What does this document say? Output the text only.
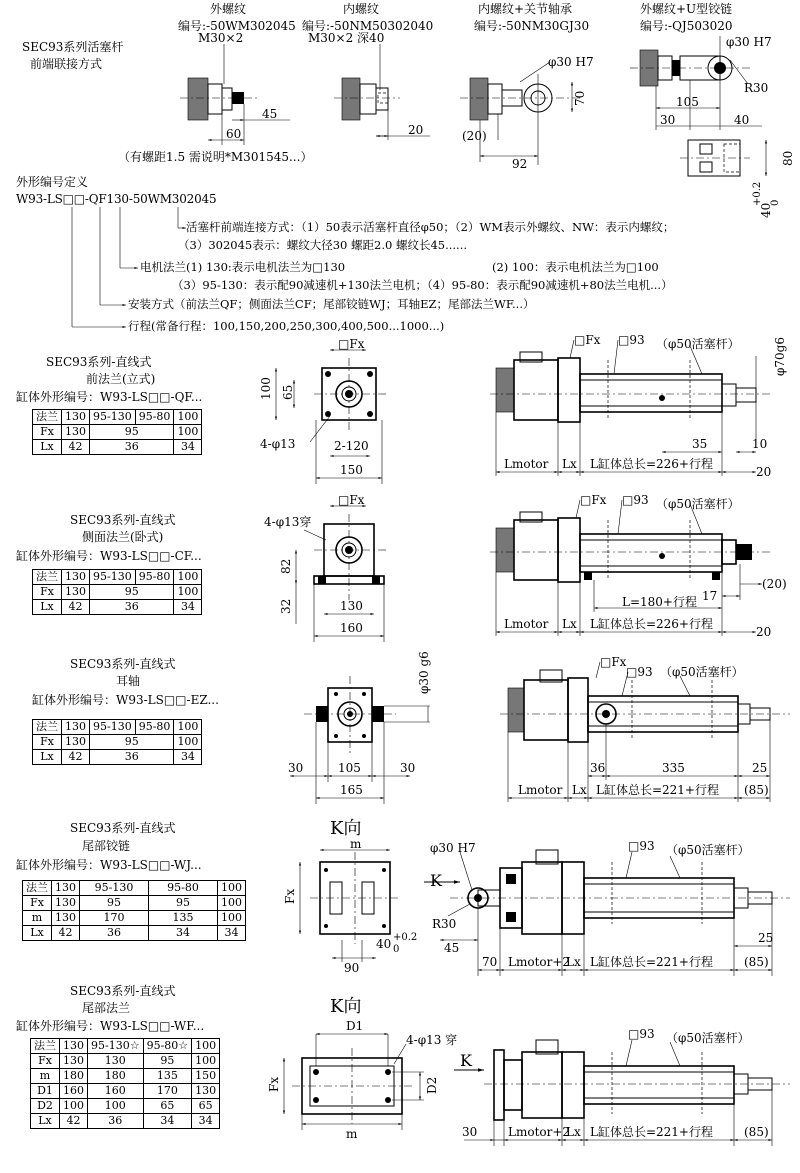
SEC93系列活塞杆
前端联接方式
外螺纹
编号:-50WM302045
内螺纹
编号:-50NM50302040
内螺纹+关节轴承
编号:-50NM30GJ30
外螺纹+U型铰链
编号:-QJ503020
（有螺距1.5 需说明*M301545...）
外形编号定义
W93-LS□□-QF130-50WM302045
活塞杆前端连接方式：（1）50表示活塞杆直径φ50；（2）WM表示外螺纹、NW：表示内螺纹；
（3）302045表示：螺纹大径30 螺距2.0 螺纹长45......
电机法兰(1) 130:表示电机法兰为□130	(2) 100：表示电机法兰为□100
（3）95-130：表示配90减速机+130法兰电机；（4）95-80：表示配90减速机+80法兰电机...）
安装方式（前法兰QF；侧面法兰CF；尾部铰链WJ；耳轴EZ；尾部法兰WF...）
行程(常备行程：100,150,200,250,300,400,500...1000...)
SEC93系列-直线式
前法兰(立式)
缸体外形编号：W93-LS□□-QF...
法兰	130	95-130	95-80	100
Fx	130	95		100
Lx	42	36		34
SEC93系列-直线式
侧面法兰(卧式)
缸体外形编号：W93-LS□□-CF...
法兰	130	95-130	95-80	100
Fx	130	95		100
Lx	42	36		34
SEC93系列-直线式
耳轴
缸体外形编号：W93-LS□□-EZ...
法兰	130	95-130	95-80	100
Fx	130	95		100
Lx	42	36		34
SEC93系列-直线式
尾部铰链
缸体外形编号：W93-LS□□-WJ...
法兰	130	95-130	95-80	100
Fx	130	95	95	100
m	130	170	135	100
Lx	42	36	34	34
SEC93系列-直线式
尾部法兰
缸体外形编号：W93-LS□□-WF...
法兰	130	95-130☆	95-80☆	100
Fx	130	130	95	100
m	180	180	135	150
D1	160	160	170	130
D2	100	100	65	65
Lx	42	36	34	34
M30×2
45
60
M30×2 深40
20
φ30 H7
70
(20)
92
φ30 H7
R30
105
30	40
80
40
+0.2 0
□Fx
100 65
4-φ13	2-120
150
□Fx □93 （φ50活塞杆）	φ70g6
35	10
Lmotor Lx L缸体总长=226+行程
20
□Fx
4-φ13穿
82
32	130
160
□Fx □93 （φ50活塞杆）
(20)
17
L=180+行程
Lmotor Lx L缸体总长=226+行程
20
φ30 g6
30	105	30
165
□Fx
□93 （φ50活塞杆）
36	335	25
Lmotor Lx L缸体总长=221+行程 (85)
K向
m
Fx
40 +0.2
0
90
φ30 H7
K
□93 （φ50活塞杆）
R30
45
25
70 Lmotor+2
Lx L缸体总长=221+行程	(85)
K向
D1
4-φ13 穿
Fx	D2
m
K
□93 （φ50活塞杆）
30	Lmotor+2
Lx L缸体总长=221+行程	(85)
